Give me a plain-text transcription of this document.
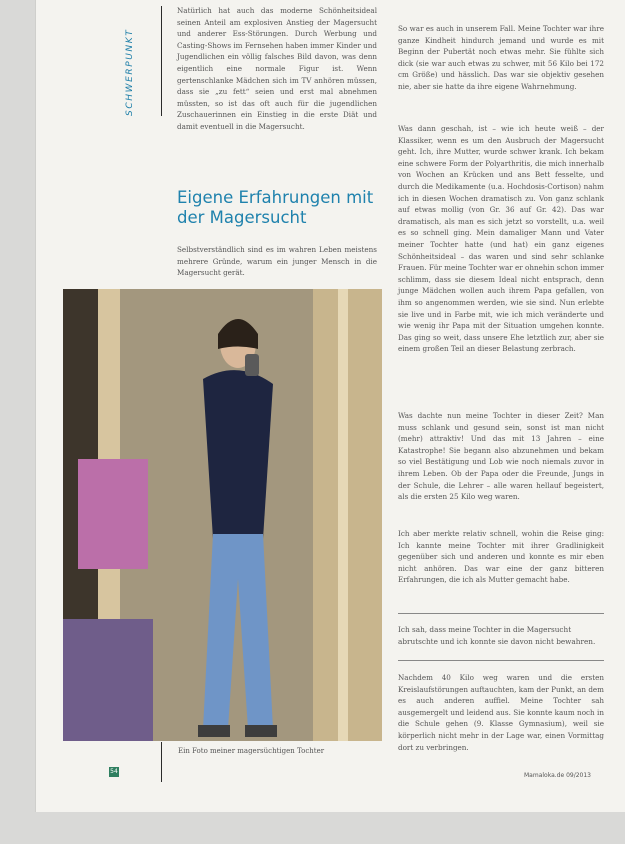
SCHWERPUNKT
Natürlich hat auch das moderne Schönheitsideal seinen Anteil am explosiven Anstieg der Magersucht und anderer Ess-Störungen. Durch Werbung und Casting-Shows im Fernsehen haben immer Kinder und Jugendlichen ein völlig falsches Bild davon, was denn eigentlich eine normale Figur ist. Wenn gertenschlanke Mädchen sich im TV anhören müssen, dass sie „zu fett“ seien und erst mal abnehmen müssten, so ist das oft auch für die jugendlichen Zuschauerinnen ein Einstieg in die erste Diät und damit eventuell in die Magersucht.
Eigene Erfahrungen mit der Magersucht
Selbstverständlich sind es im wahren Leben meistens mehrere Gründe, warum ein junger Mensch in die Magersucht gerät.
Ein Foto meiner magersüchtigen Tochter
So war es auch in unserem Fall. Meine Tochter war ihre ganze Kindheit hindurch jemand und wurde es mit Beginn der Pubertät noch etwas mehr. Sie fühlte sich dick (sie war auch etwas zu schwer, mit 56 Kilo bei 172 cm Größe) und hässlich. Das war sie objektiv gesehen nie, aber sie hatte da ihre eigene Wahrnehmung.
Was dann geschah, ist – wie ich heute weiß – der Klassiker, wenn es um den Ausbruch der Magersucht geht. Ich, ihre Mutter, wurde schwer krank. Ich bekam eine schwere Form der Polyarthritis, die mich innerhalb von Wochen an Krücken und ans Bett fesselte, und durch die Medikamente (u.a. Hochdosis-Cortison) nahm ich in diesen Wochen dramatisch zu. Von ganz schlank auf etwas mollig (von Gr. 36 auf Gr. 42). Das war dramatisch, als man es sich jetzt so vorstellt, u.a. weil es so schnell ging. Mein damaliger Mann und Vater meiner Tochter hatte (und hat) ein ganz eigenes Schönheitsideal – das waren und sind sehr schlanke Frauen. Für meine Tochter war er ohnehin schon immer schlimm, dass sie diesem Ideal nicht entsprach, denn junge Mädchen wollen auch ihrem Papa gefallen, von ihm so angenommen werden, wie sie sind. Nun erlebte sie live und in Farbe mit, wie ich mich veränderte und wie wenig ihr Papa mit der Situation umgehen konnte. Das ging so weit, dass unsere Ehe letztlich zur, aber sie einem großen Teil an dieser Belastung zerbrach.
Was dachte nun meine Tochter in dieser Zeit? Man muss schlank und gesund sein, sonst ist man nicht (mehr) attraktiv! Und das mit 13 Jahren – eine Katastrophe! Sie begann also abzunehmen und bekam so viel Bestätigung und Lob wie noch niemals zuvor in ihrem Leben. Ob der Papa oder die Freunde, Jungs in der Schule, die Lehrer – alle waren hellauf begeistert, als die ersten 25 Kilo weg waren.
Ich aber merkte relativ schnell, wohin die Reise ging: Ich kannte meine Tochter mit ihrer Gradlinigkeit gegenüber sich und anderen und konnte es mir eben nicht anhören. Das war eine der ganz bitteren Erfahrungen, die ich als Mutter gemacht habe.
Ich sah, dass meine Tochter in die Magersucht abrutschte und ich konnte sie davon nicht bewahren.
Nachdem 40 Kilo weg waren und die ersten Kreislaufstörungen auftauchten, kam der Punkt, an dem es auch anderen auffiel. Meine Tochter sah ausgemergelt und leidend aus. Sie konnte kaum noch in die Schule gehen (9. Klasse Gymnasium), weil sie körperlich nicht mehr in der Lage war, einen Vormittag dort zu verbringen.
54
Mamaloka.de 09/2013
